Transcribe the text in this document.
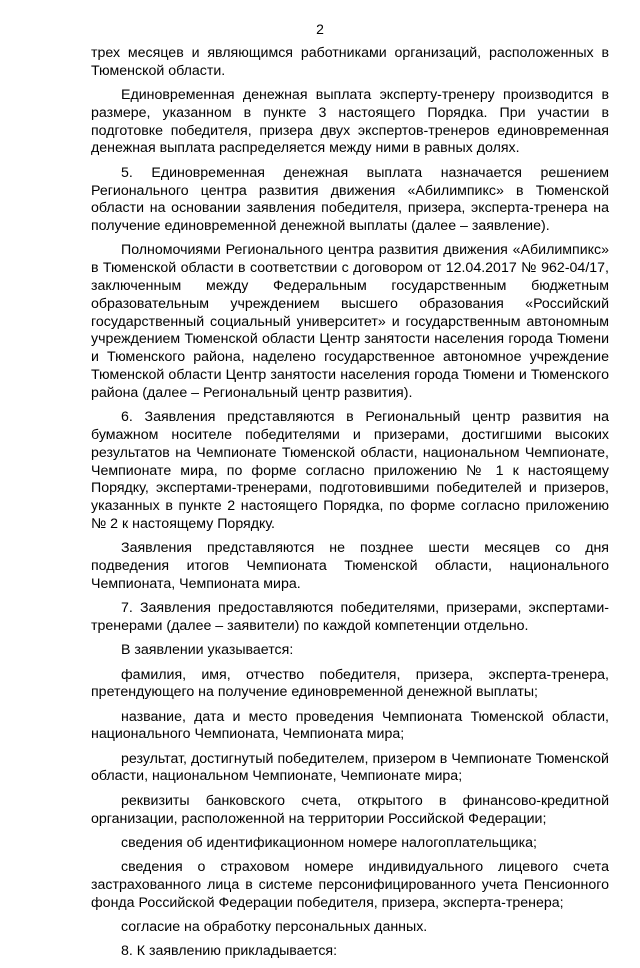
2

трех месяцев и являющимся работниками организаций, расположенных в Тюменской области.

Единовременная денежная выплата эксперту-тренеру производится в размере, указанном в пункте 3 настоящего Порядка. При участии в подготовке победителя, призера двух экспертов-тренеров единовременная денежная выплата распределяется между ними в равных долях.

5. Единовременная денежная выплата назначается решением Регионального центра развития движения «Абилимпикс» в Тюменской области на основании заявления победителя, призера, эксперта-тренера на получение единовременной денежной выплаты (далее – заявление).

Полномочиями Регионального центра развития движения «Абилимпикс» в Тюменской области в соответствии с договором от 12.04.2017 № 962-04/17, заключенным между Федеральным государственным бюджетным образовательным учреждением высшего образования «Российский государственный социальный университет» и государственным автономным учреждением Тюменской области Центр занятости населения города Тюмени и Тюменского района, наделено государственное автономное учреждение Тюменской области Центр занятости населения города Тюмени и Тюменского района (далее – Региональный центр развития).

6. Заявления представляются в Региональный центр развития на бумажном носителе победителями и призерами, достигшими высоких результатов на Чемпионате Тюменской области, национальном Чемпионате, Чемпионате мира, по форме согласно приложению № 1 к настоящему Порядку, экспертами-тренерами, подготовившими победителей и призеров, указанных в пункте 2 настоящего Порядка, по форме согласно приложению № 2 к настоящему Порядку.

Заявления представляются не позднее шести месяцев со дня подведения итогов Чемпионата Тюменской области, национального Чемпионата, Чемпионата мира.

7. Заявления предоставляются победителями, призерами, экспертами-тренерами (далее – заявители) по каждой компетенции отдельно.

В заявлении указывается:

фамилия, имя, отчество победителя, призера, эксперта-тренера, претендующего на получение единовременной денежной выплаты;

название, дата и место проведения Чемпионата Тюменской области, национального Чемпионата, Чемпионата мира;

результат, достигнутый победителем, призером в Чемпионате Тюменской области, национальном Чемпионате, Чемпионате мира;

реквизиты банковского счета, открытого в финансово-кредитной организации, расположенной на территории Российской Федерации;

сведения об идентификационном номере налогоплательщика;

сведения о страховом номере индивидуального лицевого счета застрахованного лица в системе персонифицированного учета Пенсионного фонда Российской Федерации победителя, призера, эксперта-тренера;

согласие на обработку персональных данных.

8. К заявлению прикладывается:
